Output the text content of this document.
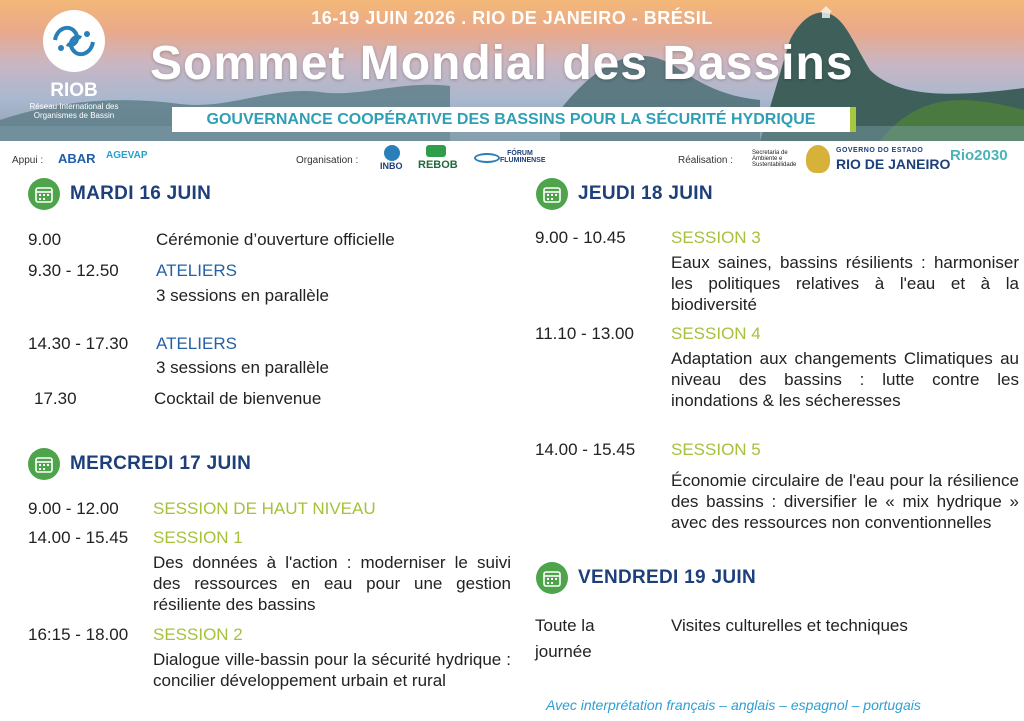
RIOB
Réseau International des Organismes de Bassin
16-19 JUIN 2026 . RIO DE JANEIRO - BRÉSIL
Sommet Mondial des Bassins
GOUVERNANCE COOPÉRATIVE DES BASSINS POUR LA SÉCURITÉ HYDRIQUE
Appui : ABAR AGEVAP	Organisation : INBO REBOB
FÓRUM FLUMINENSE	Réalisation :
Secretaria de Ambiente e Sustentabilidade
GOVERNO DO ESTADO
RIO DE JANEIRO Rio2030
MARDI 16 JUIN
9.00	Cérémonie d’ouverture officielle
9.30 - 12.50 ATELIERS
3 sessions en parallèle
14.30 - 17.30 ATELIERS
3 sessions en parallèle
17.30	Cocktail de bienvenue
MERCREDI 17 JUIN
9.00 - 12.00 SESSION DE HAUT NIVEAU
14.00 - 15.45 SESSION 1
Des données à l'action : moderniser le suivi des ressources en eau pour une gestion résiliente des bassins
16:15 - 18.00 SESSION 2
Dialogue ville-bassin pour la sécurité hydrique : concilier développement urbain et rural
JEUDI 18 JUIN
9.00 - 10.45	SESSION 3
Eaux saines, bassins résilients : harmoniser les politiques relatives à l'eau et à la biodiversité
11.10 - 13.00 SESSION 4
Adaptation aux changements Climatiques au niveau des bassins : lutte contre les inondations & les sécheresses
14.00 - 15.45 SESSION 5
Économie circulaire de l'eau pour la résilience des bassins : diversifier le « mix hydrique » avec des ressources non conventionnelles
VENDREDI 19 JUIN
Toute la
journée
Visites culturelles et techniques
Avec interprétation français – anglais – espagnol – portugais
